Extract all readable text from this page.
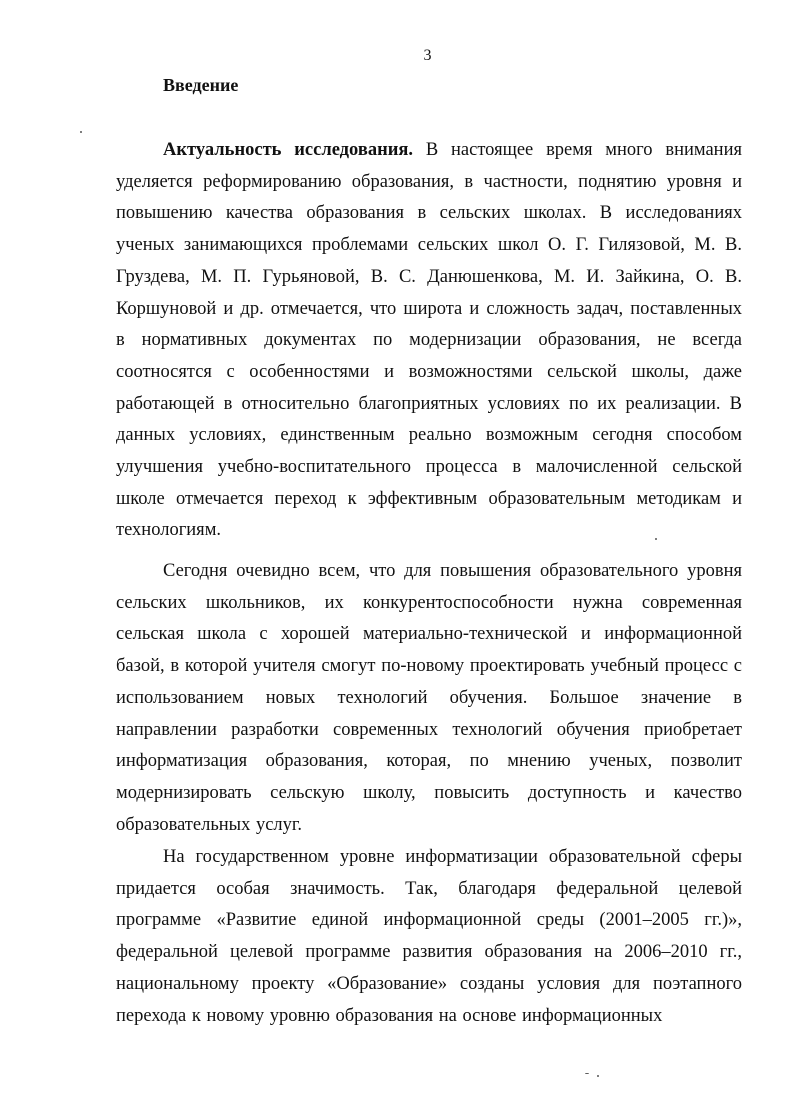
3
Введение

Актуальность исследования. В настоящее время много внимания уделяется реформированию образования, в частности, поднятию уровня и повышению качества образования в сельских школах. В исследованиях ученых занимающихся проблемами сельских школ О. Г. Гилязовой, М. В. Груздева, М. П. Гурьяновой, В. С. Данюшенкова, М. И. Зайкина, О. В. Коршуновой и др. отмечается, что широта и сложность задач, поставленных в нормативных документах по модернизации образования, не всегда соотносятся с особенностями и возможностями сельской школы, даже работающей в относительно благоприятных условиях по их реализации. В данных условиях, единственным реально возможным сегодня способом улучшения учебно-воспитательного процесса в малочисленной сельской школе отмечается переход к эффективным образовательным методикам и технологиям.

Сегодня очевидно всем, что для повышения образовательного уровня сельских школьников, их конкурентоспособности нужна современная сельская школа с хорошей материально-технической и информационной базой, в которой учителя смогут по-новому проектировать учебный процесс с использованием новых технологий обучения. Большое значение в направлении разработки современных технологий обучения приобретает информатизация образования, которая, по мнению ученых, позволит модернизировать сельскую школу, повысить доступность и качество образовательных услуг.

На государственном уровне информатизации образовательной сферы придается особая значимость. Так, благодаря федеральной целевой программе «Развитие единой информационной среды (2001–2005 гг.)», федеральной целевой программе развития образования на 2006–2010 гг., национальному проекту «Образование» созданы условия для поэтапного перехода к новому уровню образования на основе информационных
